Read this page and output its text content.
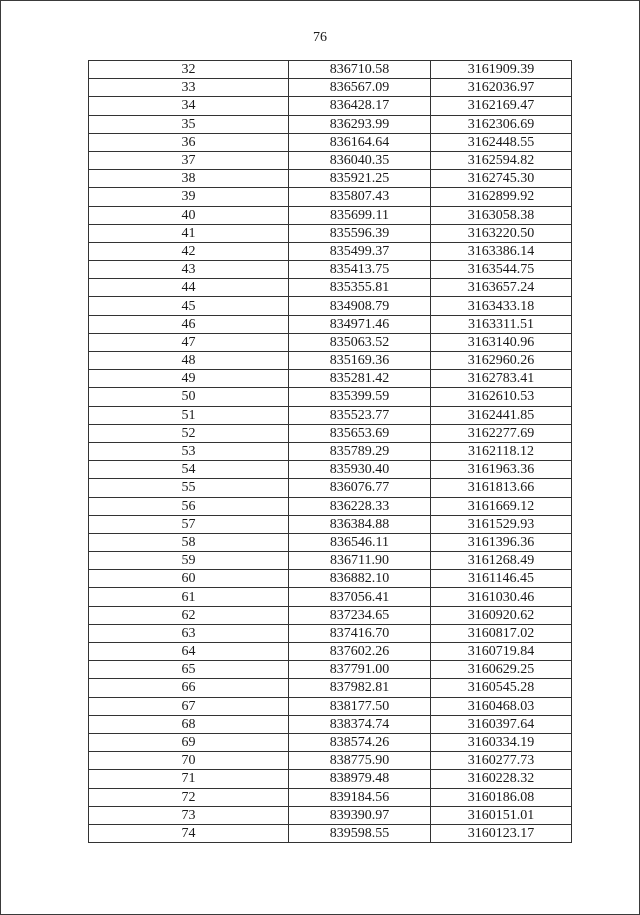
76
32	836710.58	3161909.39
33	836567.09	3162036.97
34	836428.17	3162169.47
35	836293.99	3162306.69
36	836164.64	3162448.55
37	836040.35	3162594.82
38	835921.25	3162745.30
39	835807.43	3162899.92
40	835699.11	3163058.38
41	835596.39	3163220.50
42	835499.37	3163386.14
43	835413.75	3163544.75
44	835355.81	3163657.24
45	834908.79	3163433.18
46	834971.46	3163311.51
47	835063.52	3163140.96
48	835169.36	3162960.26
49	835281.42	3162783.41
50	835399.59	3162610.53
51	835523.77	3162441.85
52	835653.69	3162277.69
53	835789.29	3162118.12
54	835930.40	3161963.36
55	836076.77	3161813.66
56	836228.33	3161669.12
57	836384.88	3161529.93
58	836546.11	3161396.36
59	836711.90	3161268.49
60	836882.10	3161146.45
61	837056.41	3161030.46
62	837234.65	3160920.62
63	837416.70	3160817.02
64	837602.26	3160719.84
65	837791.00	3160629.25
66	837982.81	3160545.28
67	838177.50	3160468.03
68	838374.74	3160397.64
69	838574.26	3160334.19
70	838775.90	3160277.73
71	838979.48	3160228.32
72	839184.56	3160186.08
73	839390.97	3160151.01
74	839598.55	3160123.17
